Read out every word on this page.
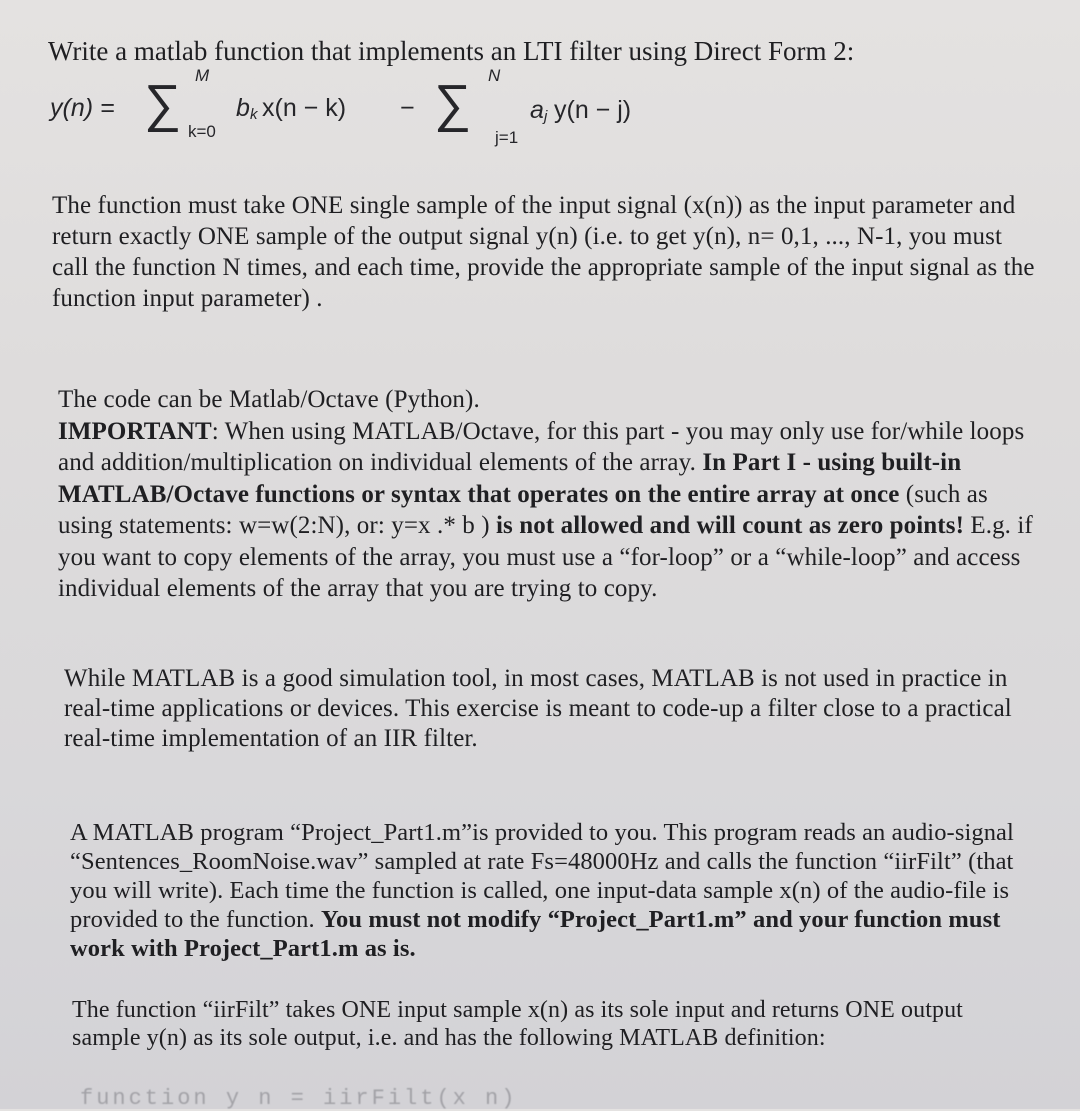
Write a matlab function that implements an LTI filter using Direct Form 2:

y(n) = ∑ M
k=0
b k x(n − k) − ∑ N
j=1
a j y(n − j)

The function must take ONE single sample of the input signal (x(n)) as the input parameter and return exactly ONE sample of the output signal y(n) (i.e. to get y(n), n= 0,1, ..., N-1, you must call the function N times, and each time, provide the appropriate sample of the input signal as the function input parameter) .

The code can be Matlab/Octave (Python).
IMPORTANT: When using MATLAB/Octave, for this part - you may only use for/while loops and addition/multiplication on individual elements of the array. In Part I - using built-in MATLAB/Octave functions or syntax that operates on the entire array at once (such as using statements: w=w(2:N), or: y=x .* b ) is not allowed and will count as zero points! E.g. if you want to copy elements of the array, you must use a “for-loop” or a “while-loop” and access individual elements of the array that you are trying to copy.

While MATLAB is a good simulation tool, in most cases, MATLAB is not used in practice in real-time applications or devices. This exercise is meant to code-up a filter close to a practical real-time implementation of an IIR filter.

A MATLAB program “Project_Part1.m”is provided to you. This program reads an audio-signal “Sentences_RoomNoise.wav” sampled at rate Fs=48000Hz and calls the function “iirFilt” (that you will write). Each time the function is called, one input-data sample x(n) of the audio-file is provided to the function. You must not modify “Project_Part1.m” and your function must work with Project_Part1.m as is.

The function “iirFilt” takes ONE input sample x(n) as its sole input and returns ONE output sample y(n) as its sole output, i.e. and has the following MATLAB definition:

function y n = iirFilt(x n)
